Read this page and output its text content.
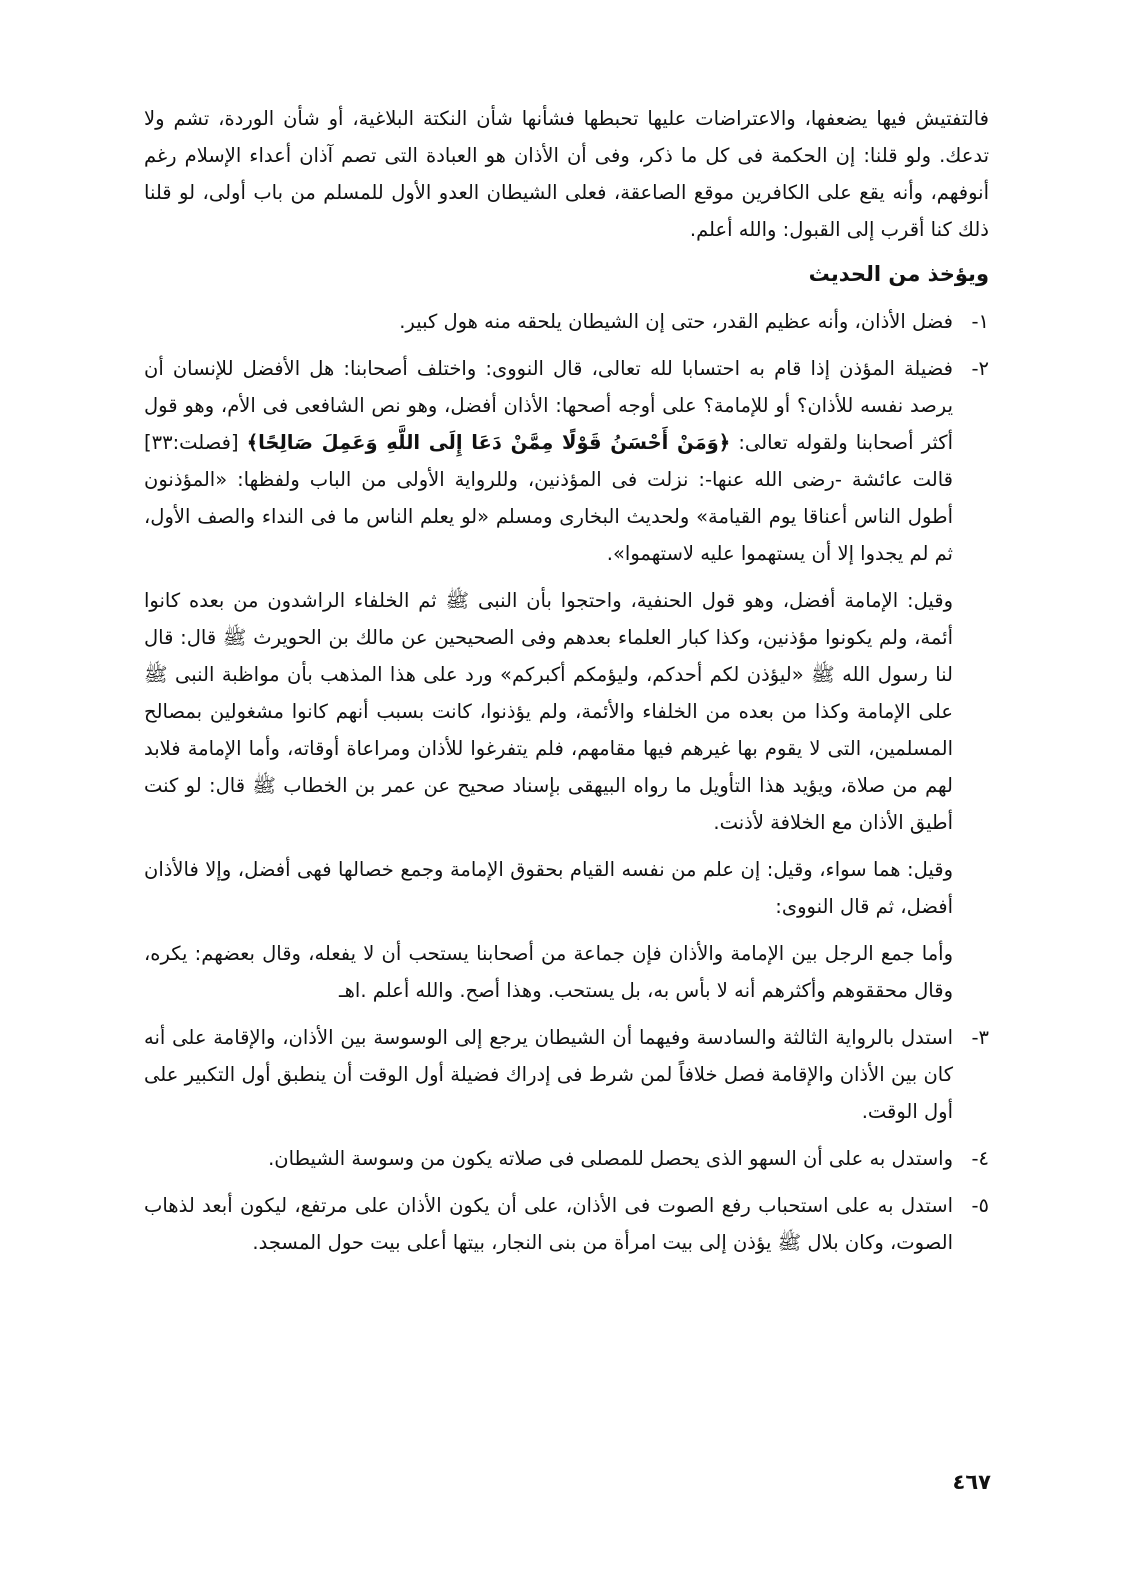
فالتفتيش فيها يضعفها، والاعتراضات عليها تحبطها فشأنها شأن النكتة البلاغية، أو شأن الوردة، تشم ولا تدعك. ولو قلنا: إن الحكمة فى كل ما ذكر، وفى أن الأذان هو العبادة التى تصم آذان أعداء الإسلام رغم أنوفهم، وأنه يقع على الكافرين موقع الصاعقة، فعلى الشيطان العدو الأول للمسلم من باب أولى، لو قلنا ذلك كنا أقرب إلى القبول: والله أعلم.

ويؤخذ من الحديث
١-

فضل الأذان، وأنه عظيم القدر، حتى إن الشيطان يلحقه منه هول كبير.

٢-

فضيلة المؤذن إذا قام به احتسابا لله تعالى، قال النووى: واختلف أصحابنا: هل الأفضل للإنسان أن يرصد نفسه للأذان؟ أو للإمامة؟ على أوجه أصحها: الأذان أفضل، وهو نص الشافعى فى الأم، وهو قول أكثر أصحابنا ولقوله تعالى: ﴿وَمَنْ أَحْسَنُ قَوْلًا مِمَّنْ دَعَا إِلَى اللَّهِ وَعَمِلَ صَالِحًا﴾ [فصلت:٣٣] قالت عائشة -رضى الله عنها-: نزلت فى المؤذنين، وللرواية الأولى من الباب ولفظها: «المؤذنون أطول الناس أعناقا يوم القيامة» ولحديث البخارى ومسلم «لو يعلم الناس ما فى النداء والصف الأول، ثم لم يجدوا إلا أن يستهموا عليه لاستهموا».

وقيل: الإمامة أفضل، وهو قول الحنفية، واحتجوا بأن النبى ﷺ ثم الخلفاء الراشدون من بعده كانوا أئمة، ولم يكونوا مؤذنين، وكذا كبار العلماء بعدهم وفى الصحيحين عن مالك بن الحويرث ﷺ قال: قال لنا رسول الله ﷺ «ليؤذن لكم أحدكم، وليؤمكم أكبركم» ورد على هذا المذهب بأن مواظبة النبى ﷺ على الإمامة وكذا من بعده من الخلفاء والأئمة، ولم يؤذنوا، كانت بسبب أنهم كانوا مشغولين بمصالح المسلمين، التى لا يقوم بها غيرهم فيها مقامهم، فلم يتفرغوا للأذان ومراعاة أوقاته، وأما الإمامة فلابد لهم من صلاة، ويؤيد هذا التأويل ما رواه البيهقى بإسناد صحيح عن عمر بن الخطاب ﷺ قال: لو كنت أطيق الأذان مع الخلافة لأذنت.

وقيل: هما سواء، وقيل: إن علم من نفسه القيام بحقوق الإمامة وجمع خصالها فهى أفضل، وإلا فالأذان أفضل، ثم قال النووى:

وأما جمع الرجل بين الإمامة والأذان فإن جماعة من أصحابنا يستحب أن لا يفعله، وقال بعضهم: يكره، وقال محققوهم وأكثرهم أنه لا بأس به، بل يستحب. وهذا أصح. والله أعلم .اهـ

٣-

استدل بالرواية الثالثة والسادسة وفيهما أن الشيطان يرجع إلى الوسوسة بين الأذان، والإقامة على أنه كان بين الأذان والإقامة فصل خلافاً لمن شرط فى إدراك فضيلة أول الوقت أن ينطبق أول التكبير على أول الوقت.

٤-

واستدل به على أن السهو الذى يحصل للمصلى فى صلاته يكون من وسوسة الشيطان.

٥-

استدل به على استحباب رفع الصوت فى الأذان، على أن يكون الأذان على مرتفع، ليكون أبعد لذهاب الصوت، وكان بلال ﷺ يؤذن إلى بيت امرأة من بنى النجار، بيتها أعلى بيت حول المسجد.

٤٦٧
